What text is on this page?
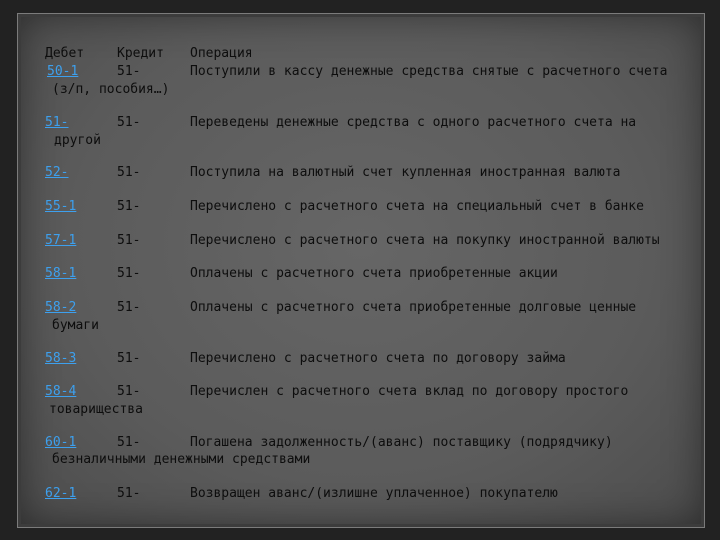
Дебет	Кредит Операция
50-1	51-	Поступили в кассу денежные средства снятые с расчетного счета
(з/п, пособия…)
51-	51-	Переведены денежные средства с одного расчетного счета на
другой
52-	51-	Поступила на валютный счет купленная иностранная валюта
55-1	51-	Перечислено с расчетного счета на специальный счет в банке
57-1	51-	Перечислено с расчетного счета на покупку иностранной валюты
58-1	51-	Оплачены с расчетного счета приобретенные акции
58-2	51-	Оплачены с расчетного счета приобретенные долговые ценные
бумаги
58-3	51-	Перечислено с расчетного счета по договору займа
58-4	51-	Перечислен с расчетного счета вклад по договору простого
товарищества
60-1	51-	Погашена задолженность/(аванс) поставщику (подрядчику)
безналичными денежными средствами
62-1	51-	Возвращен аванс/(излишне уплаченное) покупателю
